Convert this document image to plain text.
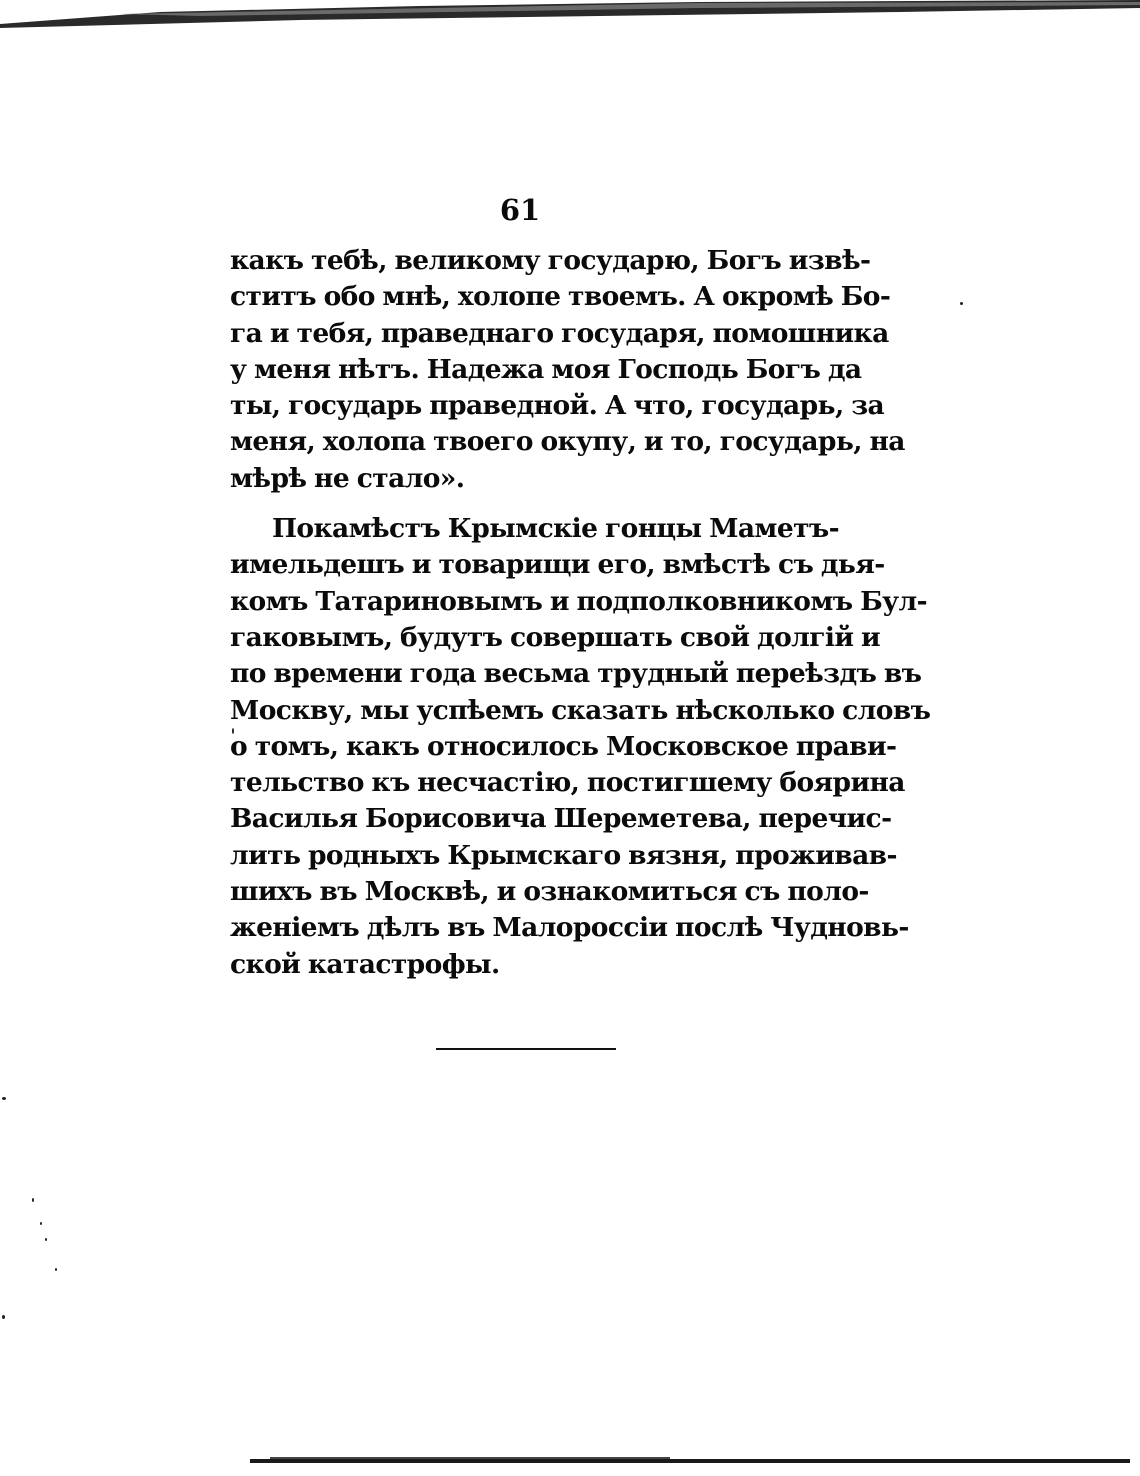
61
какъ тебѣ, великому государю, Богъ извѣ-
ститъ обо мнѣ, холопе твоемъ. А окромѣ Бо-
га и тебя, праведнаго государя, помошника
у меня нѣтъ. Надежа моя Господь Богъ да
ты, государь праведной. А что, государь, за
меня, холопа твоего окупу, и то, государь, на
мѣрѣ не стало».
Покамѣстъ Крымскіе гонцы Маметъ-
имельдешъ и товарищи его, вмѣстѣ съ дья-
комъ Татариновымъ и подполковникомъ Бул-
гаковымъ, будутъ совершать свой долгій и
по времени года весьма трудный переѣздъ въ
Москву, мы успѣемъ сказать нѣсколько словъ
о томъ, какъ относилось Московское прави-
тельство къ несчастію, постигшему боярина
Василья Борисовича Шереметева, перечис-
лить родныхъ Крымскаго вязня, проживав-
шихъ въ Москвѣ, и ознакомиться съ поло-
женіемъ дѣлъ въ Малороссіи послѣ Чудновь-
ской катастрофы.
